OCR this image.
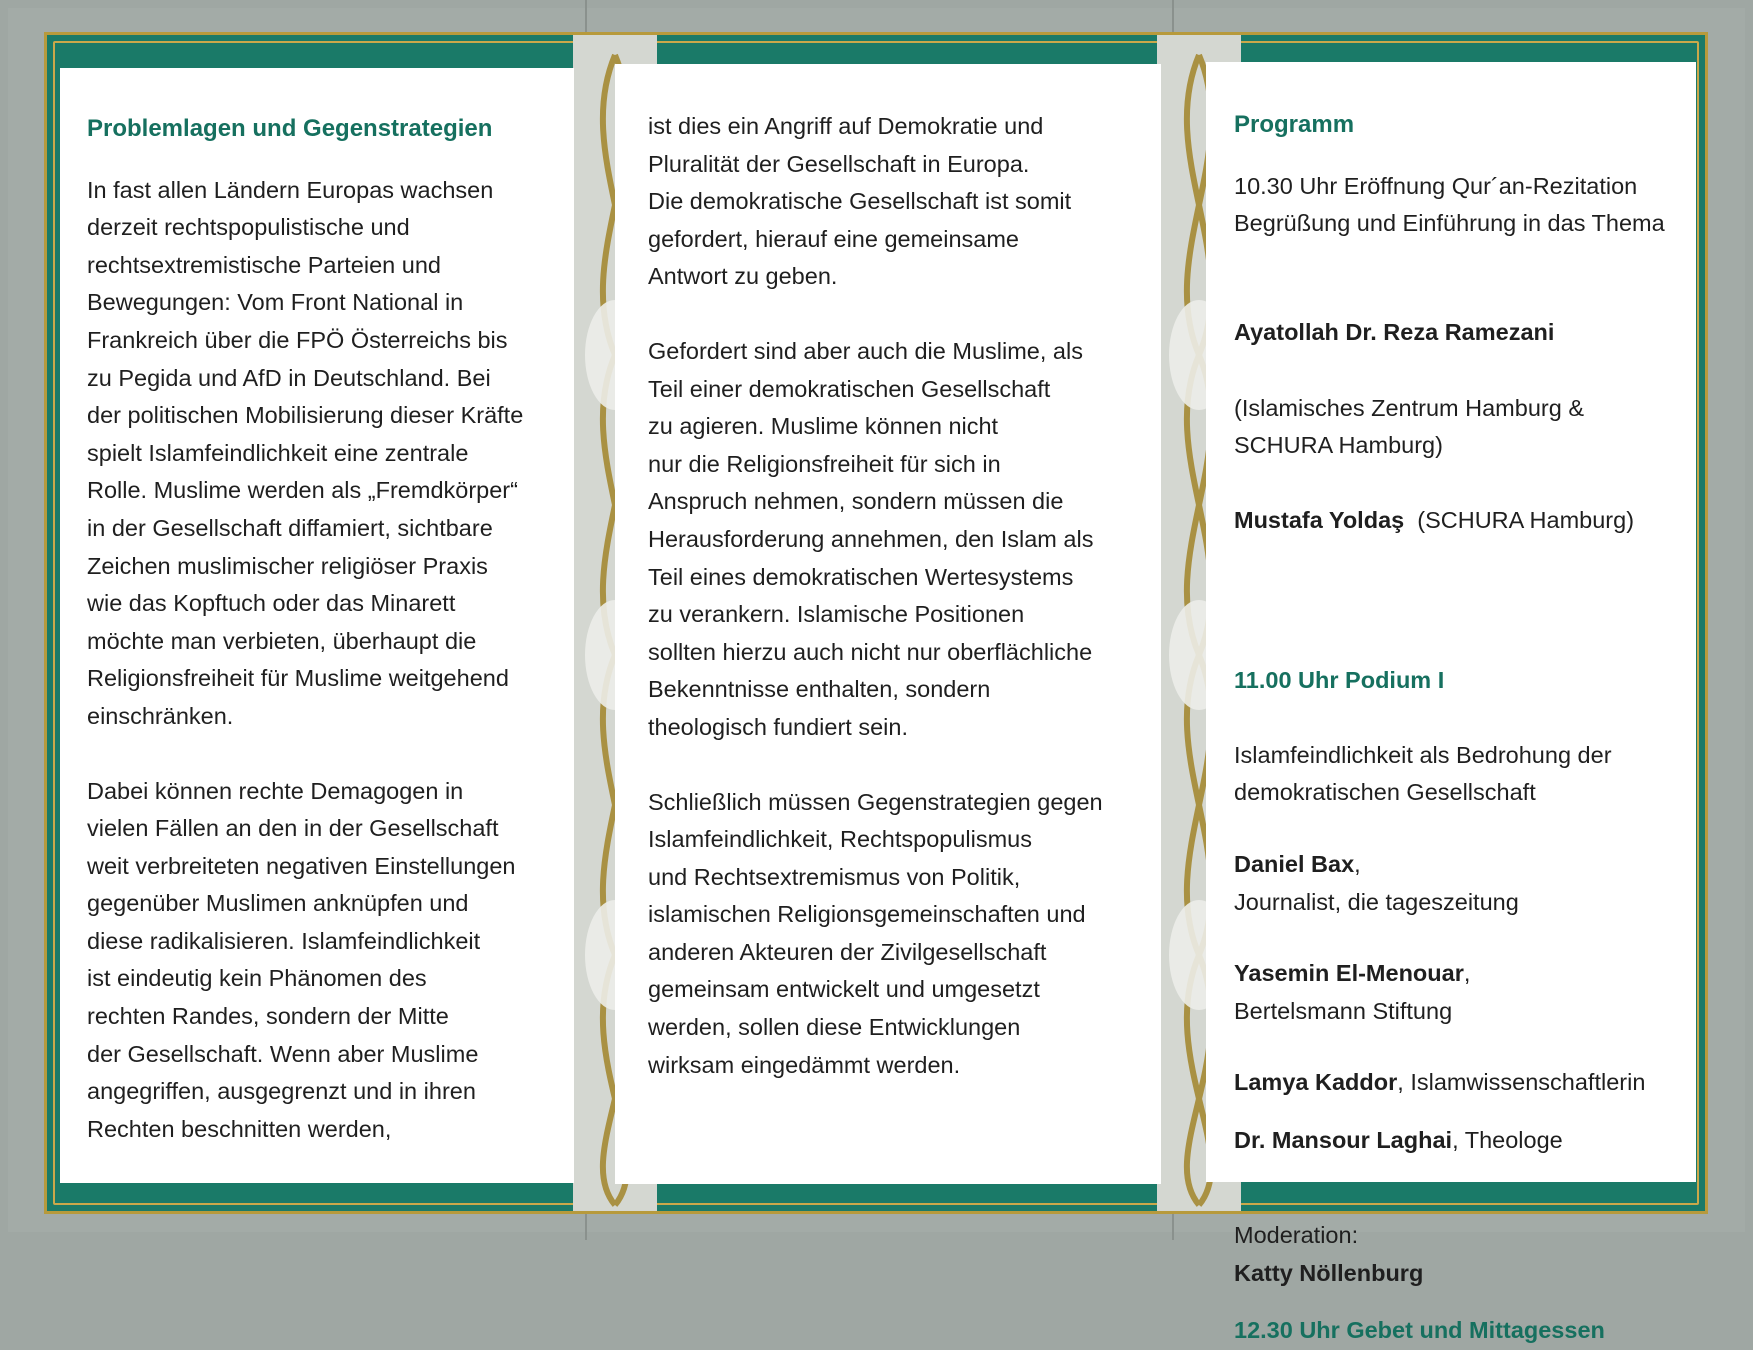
Problemlagen und Gegenstrategien
In fast allen Ländern Europas wachsen
derzeit rechtspopulistische und
rechtsextremistische Parteien und
Bewegungen: Vom Front National in
Frankreich über die FPÖ Österreichs bis
zu Pegida und AfD in Deutschland. Bei
der politischen Mobilisierung dieser Kräfte
spielt Islamfeindlichkeit eine zentrale
Rolle. Muslime werden als „Fremdkörper“
in der Gesellschaft diffamiert, sichtbare
Zeichen muslimischer religiöser Praxis
wie das Kopftuch oder das Minarett
möchte man verbieten, überhaupt die
Religionsfreiheit für Muslime weitgehend
einschränken.
Dabei können rechte Demagogen in
vielen Fällen an den in der Gesellschaft
weit verbreiteten negativen Einstellungen
gegenüber Muslimen anknüpfen und
diese radikalisieren. Islamfeindlichkeit
ist eindeutig kein Phänomen des
rechten Randes, sondern der Mitte
der Gesellschaft. Wenn aber Muslime
angegriffen, ausgegrenzt und in ihren
Rechten beschnitten werden,
ist dies ein Angriff auf Demokratie und
Pluralität der Gesellschaft in Europa.
Die demokratische Gesellschaft ist somit
gefordert, hierauf eine gemeinsame
Antwort zu geben.
Gefordert sind aber auch die Muslime, als
Teil einer demokratischen Gesellschaft
zu agieren. Muslime können nicht
nur die Religionsfreiheit für sich in
Anspruch nehmen, sondern müssen die
Herausforderung annehmen, den Islam als
Teil eines demokratischen Wertesystems
zu verankern. Islamische Positionen
sollten hierzu auch nicht nur oberflächliche
Bekenntnisse enthalten, sondern
theologisch fundiert sein.
Schließlich müssen Gegenstrategien gegen
Islamfeindlichkeit, Rechtspopulismus
und Rechtsextremismus von Politik,
islamischen Religionsgemeinschaften und
anderen Akteuren der Zivilgesellschaft
gemeinsam entwickelt und umgesetzt
werden, sollen diese Entwicklungen
wirksam eingedämmt werden.
Programm
10.30 Uhr Eröffnung Qur´an-Rezitation
Begrüßung und Einführung in das Thema

Ayatollah Dr. Reza Ramezani

(Islamisches Zentrum Hamburg &
SCHURA Hamburg)

Mustafa Yoldaş (SCHURA Hamburg)

11.00 Uhr Podium I

Islamfeindlichkeit als Bedrohung der
demokratischen Gesellschaft

Daniel Bax,
Journalist, die tageszeitung
Yasemin El-Menouar,
Bertelsmann Stiftung
Lamya Kaddor, Islamwissenschaftlerin
Dr. Mansour Laghai, Theologe

Moderation:
Katty Nöllenburg

12.30 Uhr Gebet und Mittagessen
